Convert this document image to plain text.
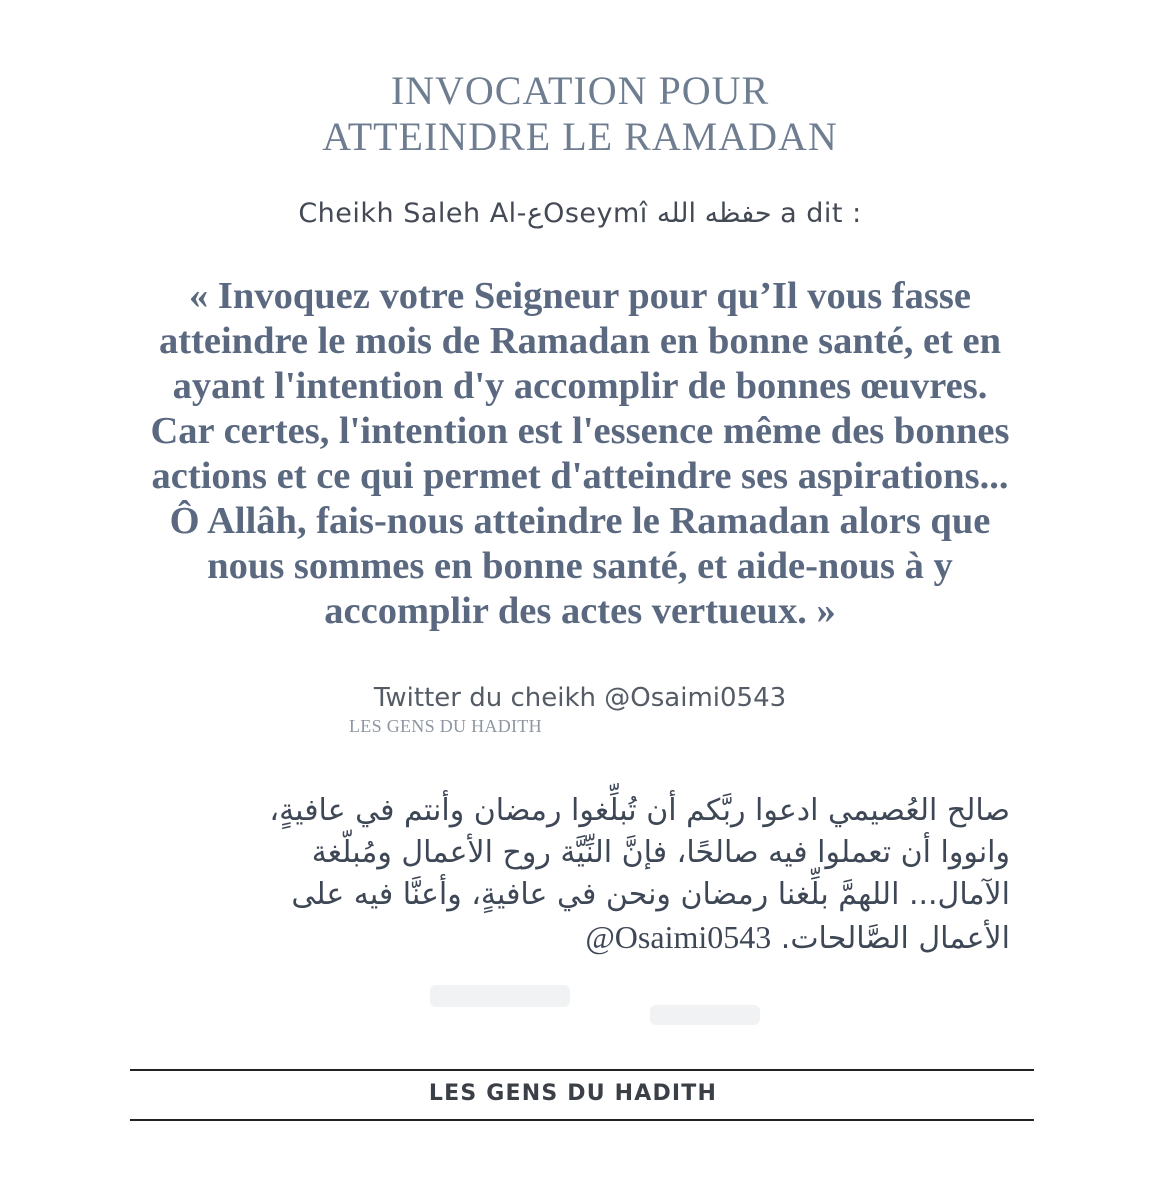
INVOCATION POUR
ATTEINDRE LE RAMADAN
Cheikh Saleh Al-عOseymî حفظه الله a dit :
« Invoquez votre Seigneur pour qu’Il vous fasse
atteindre le mois de Ramadan en bonne santé, et en
ayant l'intention d'y accomplir de bonnes œuvres.
Car certes, l'intention est l'essence même des bonnes
actions et ce qui permet d'atteindre ses aspirations...
Ô Allâh, fais-nous atteindre le Ramadan alors que
nous sommes en bonne santé, et aide-nous à y
accomplir des actes vertueux. »
Twitter du cheikh @Osaimi0543
LES GENS DU HADITH
صالح العُصيمي ادعوا ربَّكم أن تُبلِّغوا رمضان وأنتم في عافيةٍ،
وانووا أن تعملوا فيه صالحًا، فإنَّ النِّيَّة روح الأعمال ومُبلّغة
الآمال... اللهمَّ بلِّغنا رمضان ونحن في عافيةٍ، وأعنَّا فيه على
الأعمال الصَّالحات. @Osaimi0543
LES GENS DU HADITH
